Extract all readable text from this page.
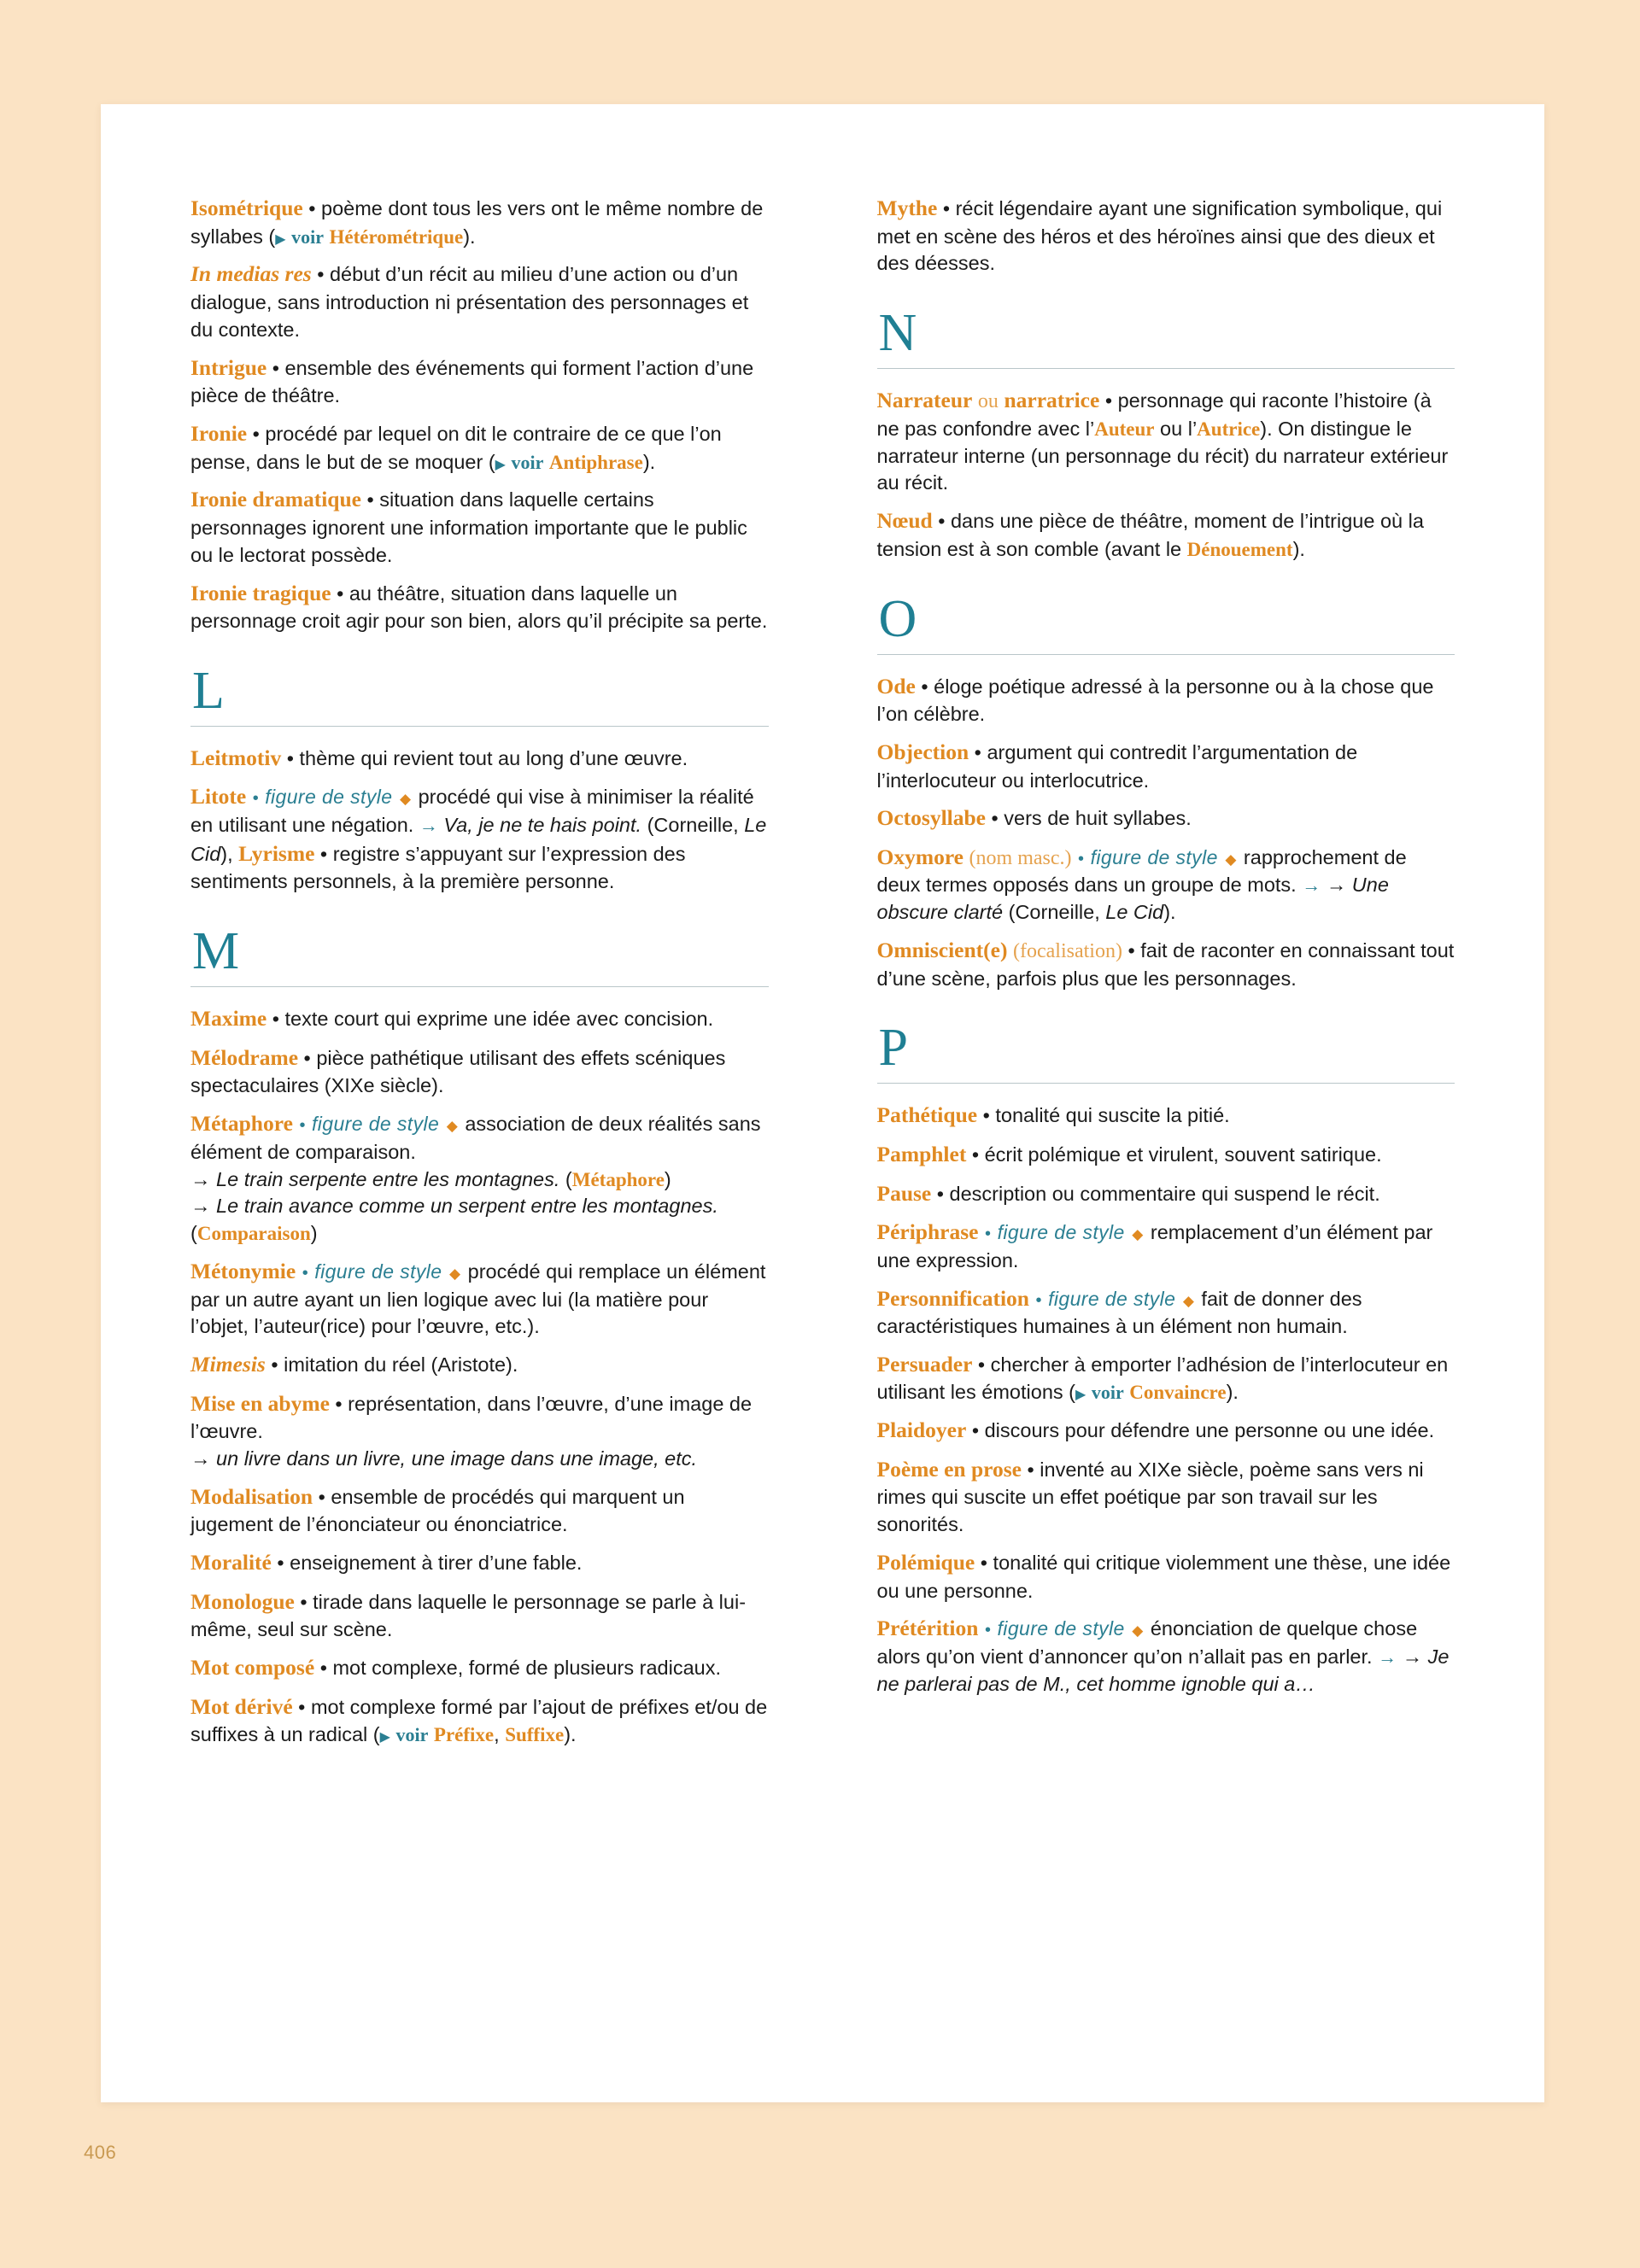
Isométrique • poème dont tous les vers ont le même nombre de syllabes (▶ voir Hétérométrique).
In medias res • début d’un récit au milieu d’une action ou d’un dialogue, sans introduction ni présentation des personnages et du contexte.
Intrigue • ensemble des événements qui forment l’action d’une pièce de théâtre.
Ironie • procédé par lequel on dit le contraire de ce que l’on pense, dans le but de se moquer (▶ voir Antiphrase).
Ironie dramatique • situation dans laquelle certains personnages ignorent une information importante que le public ou le lectorat possède.
Ironie tragique • au théâtre, situation dans laquelle un personnage croit agir pour son bien, alors qu’il précipite sa perte.
L
Leitmotiv • thème qui revient tout au long d’une œuvre.
Litote • figure de style ◆ procédé qui vise à minimiser la réalité en utilisant une négation. → Va, je ne te hais point. (Corneille, Le Cid), Lyrisme • registre s’appuyant sur l’expression des sentiments personnels, à la première personne.
M
Maxime • texte court qui exprime une idée avec concision.
Mélodrame • pièce pathétique utilisant des effets scéniques spectaculaires (XIXe siècle).
Métaphore • figure de style ◆ association de deux réalités sans élément de comparaison.
→ Le train serpente entre les montagnes. (Métaphore)
→ Le train avance comme un serpent entre les montagnes.
(Comparaison)
Métonymie • figure de style ◆ procédé qui remplace un élément par un autre ayant un lien logique avec lui (la matière pour l’objet, l’auteur(rice) pour l’œuvre, etc.).
Mimesis • imitation du réel (Aristote).
Mise en abyme • représentation, dans l’œuvre, d’une image de l’œuvre.
→ un livre dans un livre, une image dans une image, etc.
Modalisation • ensemble de procédés qui marquent un jugement de l’énonciateur ou énonciatrice.
Moralité • enseignement à tirer d’une fable.
Monologue • tirade dans laquelle le personnage se parle à lui-même, seul sur scène.
Mot composé • mot complexe, formé de plusieurs radicaux.
Mot dérivé • mot complexe formé par l’ajout de préfixes et/ou de suffixes à un radical (▶ voir Préfixe, Suffixe).
Mythe • récit légendaire ayant une signification symbolique, qui met en scène des héros et des héroïnes ainsi que des dieux et des déesses.
N
Narrateur ou narratrice • personnage qui raconte l’histoire (à ne pas confondre avec l’Auteur ou l’Autrice). On distingue le narrateur interne (un personnage du récit) du narrateur extérieur au récit.
Nœud • dans une pièce de théâtre, moment de l’intrigue où la tension est à son comble (avant le Dénouement).
O
Ode • éloge poétique adressé à la personne ou à la chose que l’on célèbre.
Objection • argument qui contredit l’argumentation de l’interlocuteur ou interlocutrice.
Octosyllabe • vers de huit syllabes.
Oxymore (nom masc.) • figure de style ◆ rapprochement de deux termes opposés dans un groupe de mots. → → Une obscure clarté (Corneille, Le Cid).
Omniscient(e) (focalisation) • fait de raconter en connaissant tout d’une scène, parfois plus que les personnages.
P
Pathétique • tonalité qui suscite la pitié.
Pamphlet • écrit polémique et virulent, souvent satirique.
Pause • description ou commentaire qui suspend le récit.
Périphrase • figure de style ◆ remplacement d’un élément par une expression.
Personnification • figure de style ◆ fait de donner des caractéristiques humaines à un élément non humain.
Persuader • chercher à emporter l’adhésion de l’interlocuteur en utilisant les émotions (▶ voir Convaincre).
Plaidoyer • discours pour défendre une personne ou une idée.
Poème en prose • inventé au XIXe siècle, poème sans vers ni rimes qui suscite un effet poétique par son travail sur les sonorités.
Polémique • tonalité qui critique violemment une thèse, une idée ou une personne.
Prétérition • figure de style ◆ énonciation de quelque chose alors qu’on vient d’annoncer qu’on n’allait pas en parler. → → Je ne parlerai pas de M., cet homme ignoble qui a…
406
